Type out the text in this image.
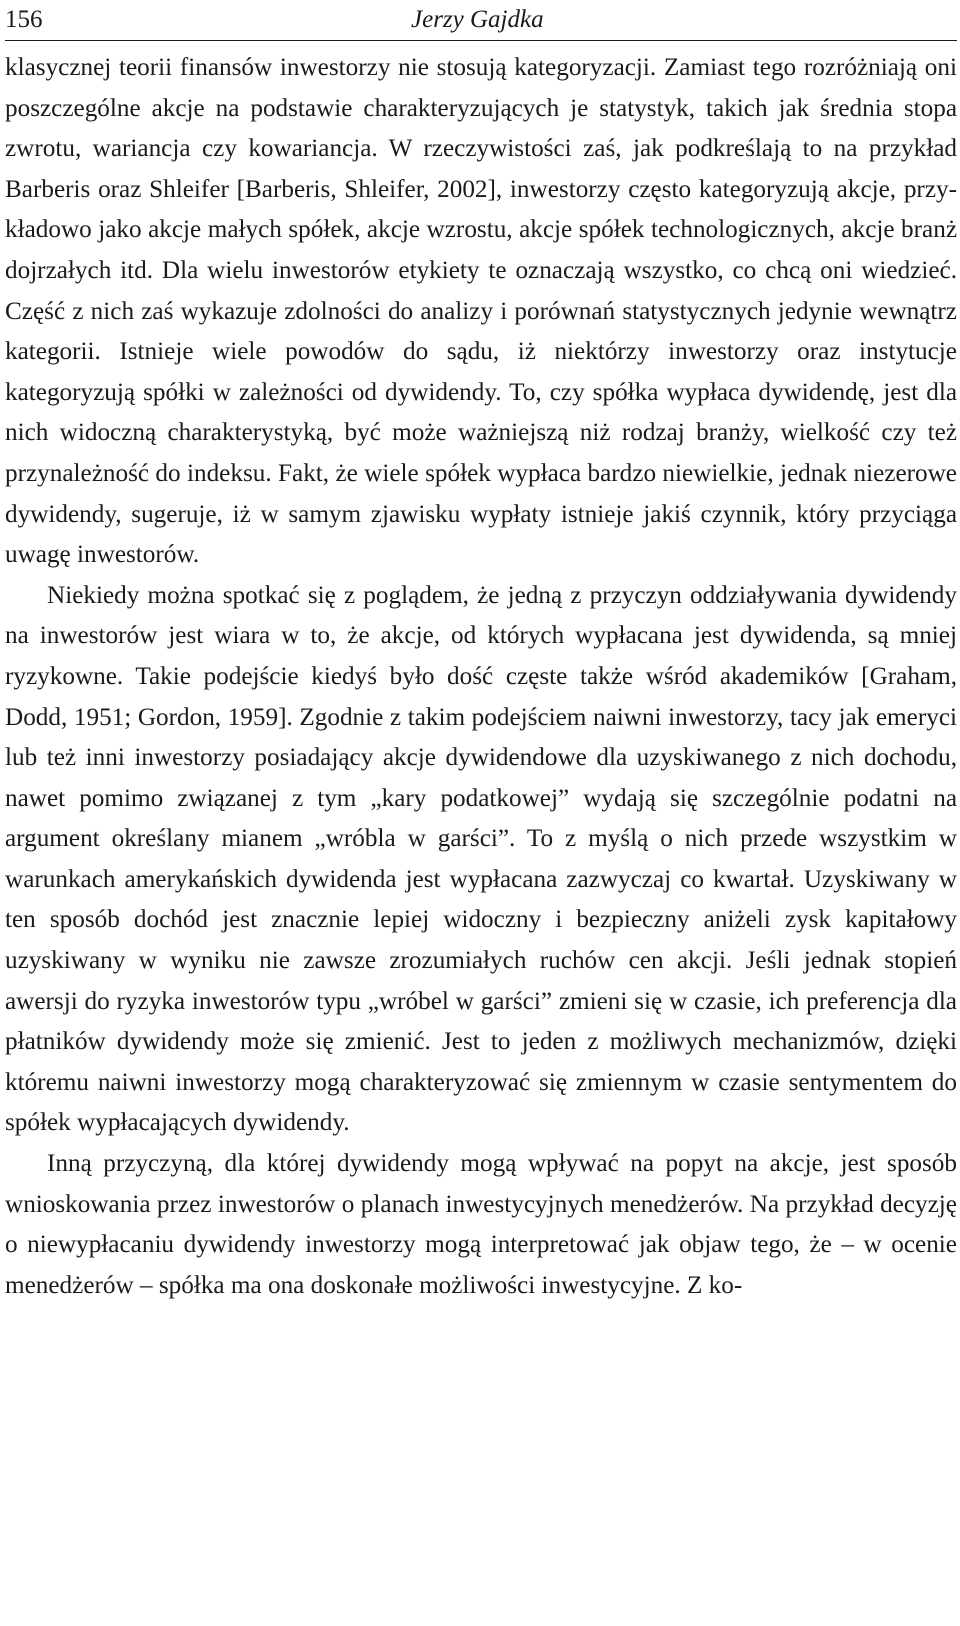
156	Jerzy Gajdka

klasycznej teorii finansów inwestorzy nie stosują kategoryzacji. Zamiast tego rozróżniają oni poszczególne akcje na podstawie charakteryzujących je statystyk, takich jak średnia stopa zwrotu, wariancja czy kowariancja. W rzeczywistości zaś, jak podkreślają to na przykład Barberis oraz Shleifer [Barberis, Shleifer, 2002], inwestorzy często kategoryzują akcje, przykładowo jako akcje małych spółek, akcje wzrostu, akcje spółek technologicznych, akcje branż dojrzałych itd. Dla wielu inwestorów etykiety te oznaczają wszystko, co chcą oni wiedzieć. Część z nich zaś wykazuje zdolności do analizy i porównań statystycznych jedynie wewnątrz kategorii. Istnieje wiele powodów do sądu, iż niektórzy inwestorzy oraz instytucje kategoryzują spółki w zależności od dywidendy. To, czy spółka wypłaca dywidendę, jest dla nich widoczną charakterystyką, być może ważniejszą niż rodzaj branży, wielkość czy też przynależność do indeksu. Fakt, że wiele spółek wypłaca bardzo niewielkie, jednak niezerowe dywidendy, sugeruje, iż w samym zjawisku wypłaty istnieje jakiś czynnik, który przyciąga uwagę inwestorów.

Niekiedy można spotkać się z poglądem, że jedną z przyczyn oddziaływania dywidendy na inwestorów jest wiara w to, że akcje, od których wypłacana jest dywidenda, są mniej ryzykowne. Takie podejście kiedyś było dość częste także wśród akademików [Graham, Dodd, 1951; Gordon, 1959]. Zgodnie z takim podejściem naiwni inwestorzy, tacy jak emeryci lub też inni inwestorzy posiadający akcje dywidendowe dla uzyskiwanego z nich dochodu, nawet pomimo związanej z tym „kary podatkowej” wydają się szczególnie podatni na argument określany mianem „wróbla w garści”. To z myślą o nich przede wszystkim w warunkach amerykańskich dywidenda jest wypłacana zazwyczaj co kwartał. Uzyskiwany w ten sposób dochód jest znacznie lepiej widoczny i bezpieczny aniżeli zysk kapitałowy uzyskiwany w wyniku nie zawsze zrozumiałych ruchów cen akcji. Jeśli jednak stopień awersji do ryzyka inwestorów typu „wróbel w garści” zmieni się w czasie, ich preferencja dla płatników dywidendy może się zmienić. Jest to jeden z możliwych mechanizmów, dzięki któremu naiwni inwestorzy mogą charakteryzować się zmiennym w czasie sentymentem do spółek wypłacających dywidendy.

Inną przyczyną, dla której dywidendy mogą wpływać na popyt na akcje, jest sposób wnioskowania przez inwestorów o planach inwestycyjnych menedżerów. Na przykład decyzję o niewypłacaniu dywidendy inwestorzy mogą interpretować jak objaw tego, że – w ocenie menedżerów – spółka ma ona doskonałe możliwości inwestycyjne. Z ko-
